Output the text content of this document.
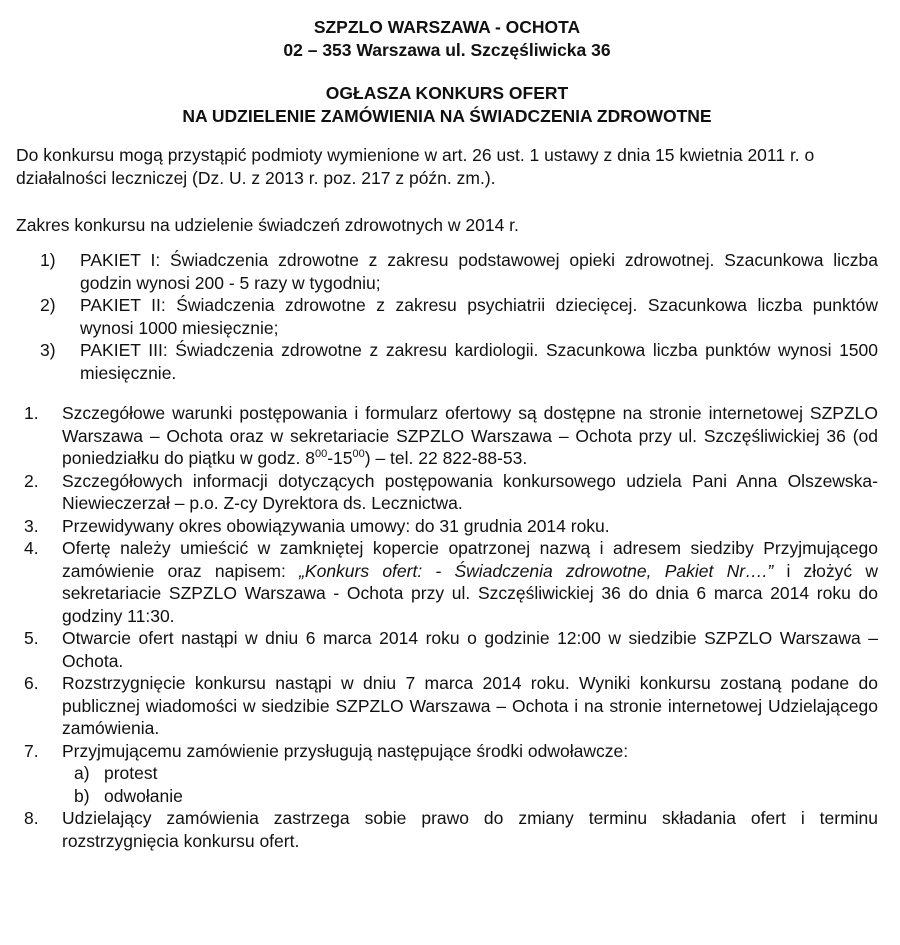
SZPZLO WARSZAWA - OCHOTA
02 – 353 Warszawa ul. Szczęśliwicka 36
OGŁASZA KONKURS OFERT
NA UDZIELENIE ZAMÓWIENIA NA ŚWIADCZENIA ZDROWOTNE

Do konkursu mogą przystąpić podmioty wymienione w art. 26 ust. 1 ustawy z dnia 15 kwietnia 2011 r. o działalności leczniczej (Dz. U. z 2013 r. poz. 217 z późn. zm.).

Zakres konkursu na udzielenie świadczeń zdrowotnych w 2014 r.

1)	PAKIET I: Świadczenia zdrowotne z zakresu podstawowej opieki zdrowotnej. Szacunkowa liczba godzin wynosi 200 - 5 razy w tygodniu;
2)	PAKIET II: Świadczenia zdrowotne z zakresu psychiatrii dziecięcej. Szacunkowa liczba punktów wynosi 1000 miesięcznie;
3)	PAKIET III: Świadczenia zdrowotne z zakresu kardiologii. Szacunkowa liczba punktów wynosi 1500 miesięcznie.
1.	Szczegółowe warunki postępowania i formularz ofertowy są dostępne na stronie internetowej SZPZLO Warszawa – Ochota oraz w sekretariacie SZPZLO Warszawa – Ochota przy ul. Szczęśliwickiej 36 (od poniedziałku do piątku w godz. $8^{00}-15^{00}$) – tel. 22 822-88-53.
2.	Szczegółowych informacji dotyczących postępowania konkursowego udziela Pani Anna Olszewska-Niewieczerzał – p.o. Z-cy Dyrektora ds. Lecznictwa.
3.	Przewidywany okres obowiązywania umowy: do 31 grudnia 2014 roku.
4.	Ofertę należy umieścić w zamkniętej kopercie opatrzonej nazwą i adresem siedziby Przyjmującego zamówienie oraz napisem: „Konkurs ofert: - Świadczenia zdrowotne, Pakiet Nr….” i złożyć w sekretariacie SZPZLO Warszawa - Ochota przy ul. Szczęśliwickiej 36 do dnia 6 marca 2014 roku do godziny 11:30.
5.	Otwarcie ofert nastąpi w dniu 6 marca 2014 roku o godzinie 12:00 w siedzibie SZPZLO Warszawa – Ochota.
6.	Rozstrzygnięcie konkursu nastąpi w dniu 7 marca 2014 roku. Wyniki konkursu zostaną podane do publicznej wiadomości w siedzibie SZPZLO Warszawa – Ochota i na stronie internetowej Udzielającego zamówienia.
7.	Przyjmującemu zamówienie przysługują następujące środki odwoławcze:
a) protest
b) odwołanie
8.	Udzielający zamówienia zastrzega sobie prawo do zmiany terminu składania ofert i terminu rozstrzygnięcia konkursu ofert.
